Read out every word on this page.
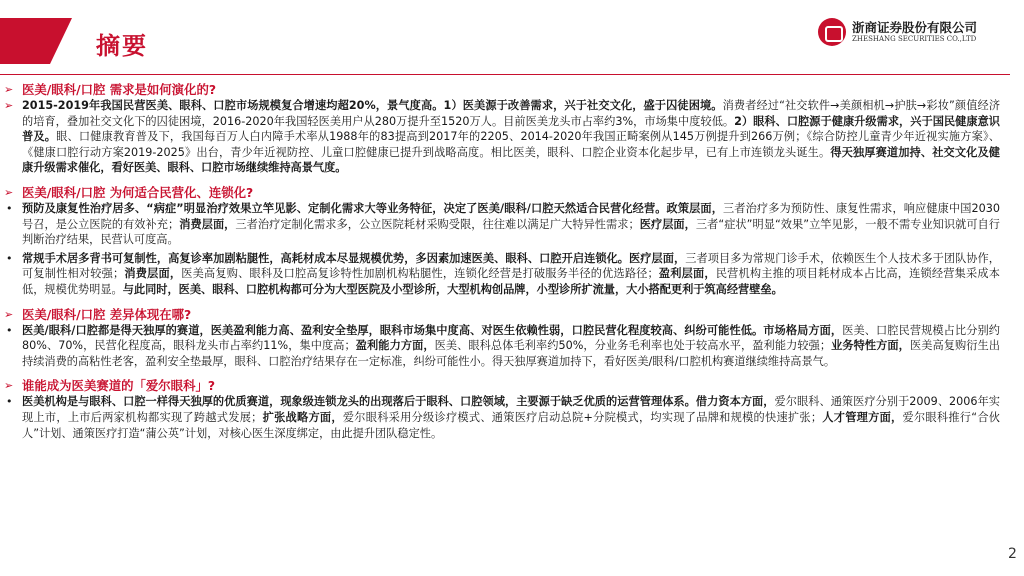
摘要
浙商证券股份有限公司
ZHESHANG SECURITIES CO.,LTD
➢ 医美/眼科/口腔 需求是如何演化的?
➢ 2015-2019年我国民营医美、眼科、口腔市场规模复合增速均超20%，景气度高。1）医美源于改善需求，兴于社交文化，盛于囚徒困境。消费者经过“社交软件→美颜相机→护肤→彩妆”颜值经济的培育，叠加社交文化下的囚徒困境，2016-2020年我国轻医美用户从280万提升至1520万人。目前医美龙头市占率约3%，市场集中度较低。2）眼科、口腔源于健康升级需求，兴于国民健康意识普及。眼、口健康教育普及下，我国每百万人白内障手术率从1988年的83提高到2017年的2205、2014-2020年我国正畸案例从145万例提升到266万例；《综合防控儿童青少年近视实施方案》、《健康口腔行动方案2019-2025》出台，青少年近视防控、儿童口腔健康已提升到战略高度。相比医美，眼科、口腔企业资本化起步早，已有上市连锁龙头诞生。得天独厚赛道加持、社交文化及健康升级需求催化，看好医美、眼科、口腔市场继续维持高景气度。
➢ 医美/眼科/口腔 为何适合民营化、连锁化?
• 预防及康复性治疗居多、“病症”明显治疗效果立竿见影、定制化需求大等业务特征，决定了医美/眼科/口腔天然适合民营化经营。政策层面，三者治疗多为预防性、康复性需求，响应健康中国2030号召，是公立医院的有效补充；消费层面，三者治疗定制化需求多，公立医院耗材采购受限，往往难以满足广大特异性需求；医疗层面，三者“症状”明显“效果”立竿见影，一般不需专业知识就可自行判断治疗结果，民营认可度高。
• 常规手术居多背书可复制性，高复诊率加剧粘腿性，高耗材成本尽显规模优势，多因素加速医美、眼科、口腔开启连锁化。医疗层面，三者项目多为常规门诊手术，依赖医生个人技术多于团队协作，可复制性相对较强；消费层面，医美高复购、眼科及口腔高复诊特性加剧机构粘腿性，连锁化经营是打破服务半径的优选路径；盈利层面，民营机构主推的项目耗材成本占比高，连锁经营集采成本低，规模优势明显。与此同时，医美、眼科、口腔机构都可分为大型医院及小型诊所，大型机构创品牌，小型诊所扩流量，大小搭配更利于筑高经营壁垒。
➢ 医美/眼科/口腔 差异体现在哪?
• 医美/眼科/口腔都是得天独厚的赛道，医美盈利能力高、盈利安全垫厚，眼科市场集中度高、对医生依赖性弱，口腔民营化程度较高、纠纷可能性低。市场格局方面，医美、口腔民营规模占比分别约80%、70%，民营化程度高，眼科龙头市占率约11%，集中度高；盈利能力方面，医美、眼科总体毛利率约50%，分业务毛利率也处于较高水平，盈利能力较强；业务特性方面，医美高复购衍生出持续消费的高粘性老客，盈利安全垫最厚，眼科、口腔治疗结果存在一定标准，纠纷可能性小。得天独厚赛道加持下，看好医美/眼科/口腔机构赛道继续维持高景气。
➢ 谁能成为医美赛道的「爱尔眼科」?
• 医美机构是与眼科、口腔一样得天独厚的优质赛道，现象级连锁龙头的出现落后于眼科、口腔领域，主要源于缺乏优质的运营管理体系。借力资本方面，爱尔眼科、通策医疗分别于2009、2006年实现上市，上市后两家机构都实现了跨越式发展；扩张战略方面，爱尔眼科采用分级诊疗模式、通策医疗启动总院+分院模式，均实现了品牌和规模的快速扩张；人才管理方面，爱尔眼科推行“合伙人”计划、通策医疗打造“蒲公英”计划，对核心医生深度绑定，由此提升团队稳定性。
2
